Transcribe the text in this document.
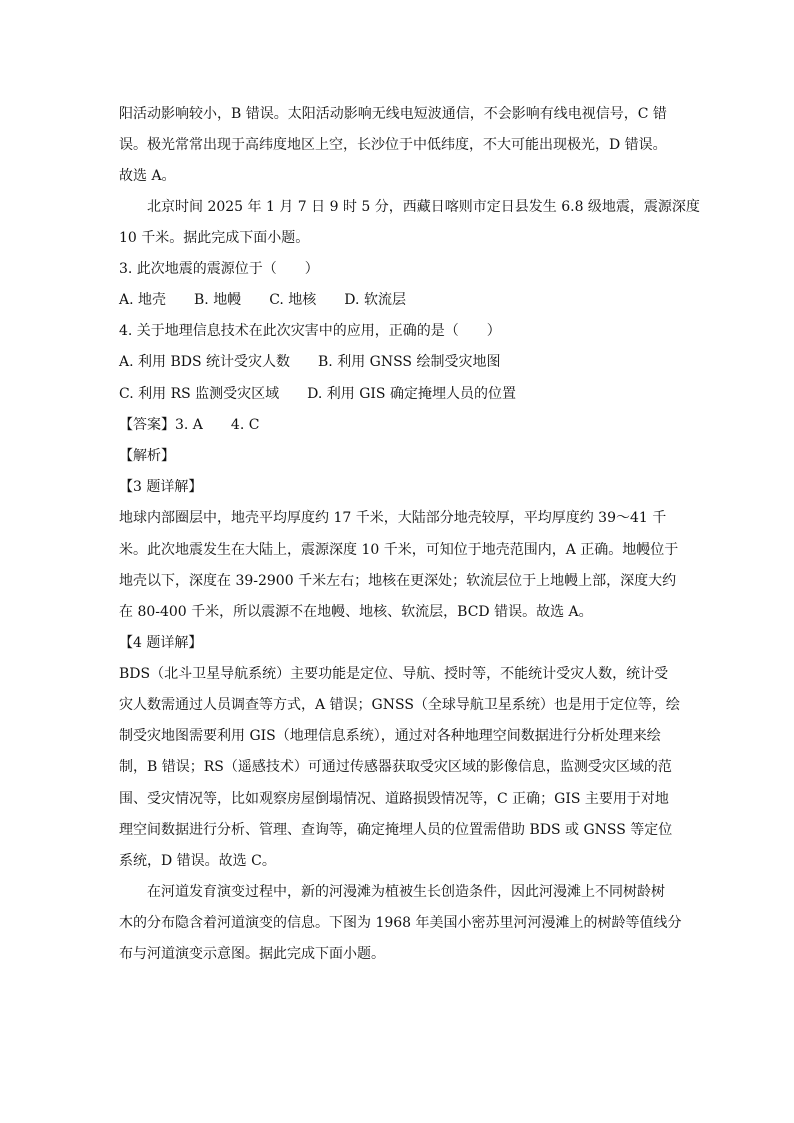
阳活动影响较小，B 错误。太阳活动影响无线电短波通信，不会影响有线电视信号，C 错
误。极光常常出现于高纬度地区上空，长沙位于中低纬度，不大可能出现极光，D 错误。
故选 A。
北京时间 2025 年 1 月 7 日 9 时 5 分，西藏日喀则市定日县发生 6.8 级地震，震源深度
10 千米。据此完成下面小题。
3. 此次地震的震源位于（　　）
A. 地壳　　B. 地幔　　C. 地核　　D. 软流层
4. 关于地理信息技术在此次灾害中的应用，正确的是（　　）
A. 利用 BDS 统计受灾人数　　B. 利用 GNSS 绘制受灾地图
C. 利用 RS 监测受灾区域　　D. 利用 GIS 确定掩埋人员的位置
【答案】3. A　　4. C
【解析】
【3 题详解】
地球内部圈层中，地壳平均厚度约 17 千米，大陆部分地壳较厚，平均厚度约 39～41 千
米。此次地震发生在大陆上，震源深度 10 千米，可知位于地壳范围内，A 正确。地幔位于
地壳以下，深度在 39-2900 千米左右；地核在更深处；软流层位于上地幔上部，深度大约
在 80-400 千米，所以震源不在地幔、地核、软流层，BCD 错误。故选 A。
【4 题详解】
BDS（北斗卫星导航系统）主要功能是定位、导航、授时等，不能统计受灾人数，统计受
灾人数需通过人员调查等方式，A 错误；GNSS（全球导航卫星系统）也是用于定位等，绘
制受灾地图需要利用 GIS（地理信息系统），通过对各种地理空间数据进行分析处理来绘
制，B 错误；RS（遥感技术）可通过传感器获取受灾区域的影像信息，监测受灾区域的范
围、受灾情况等，比如观察房屋倒塌情况、道路损毁情况等，C 正确；GIS 主要用于对地
理空间数据进行分析、管理、查询等，确定掩埋人员的位置需借助 BDS 或 GNSS 等定位
系统，D 错误。故选 C。
在河道发育演变过程中，新的河漫滩为植被生长创造条件，因此河漫滩上不同树龄树
木的分布隐含着河道演变的信息。下图为 1968 年美国小密苏里河河漫滩上的树龄等值线分
布与河道演变示意图。据此完成下面小题。
